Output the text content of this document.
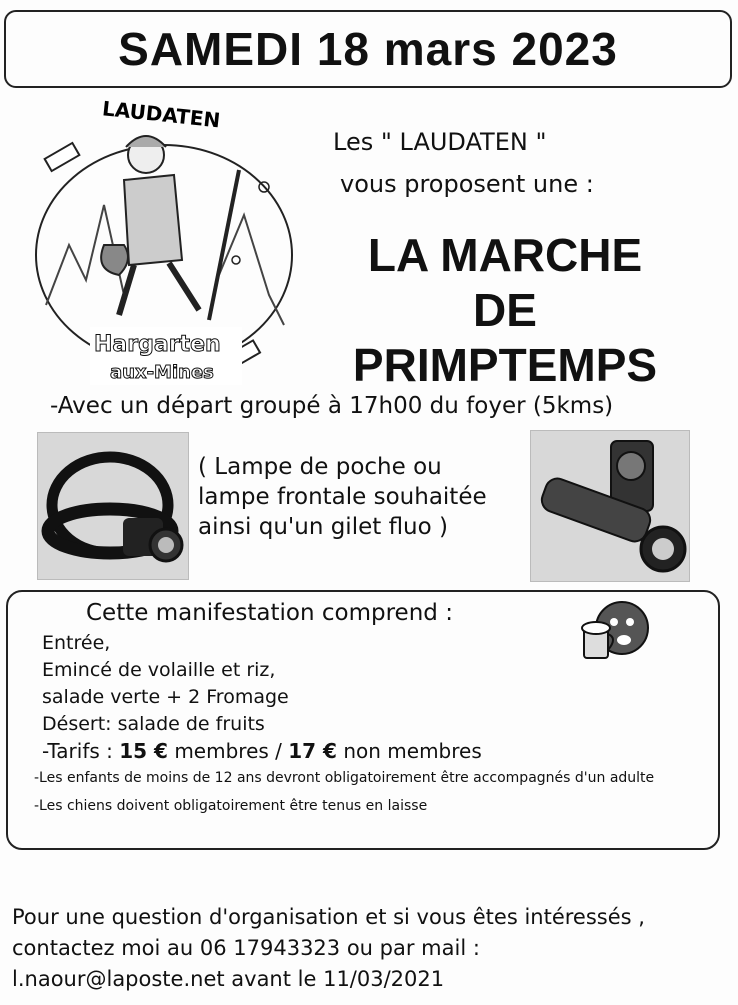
SAMEDI 18 mars 2023
LAUDATEN
Hargarten
aux-Mines
Les " LAUDATEN "
vous proposent une :
LA MARCHE
DE
PRIMPTEMPS
-Avec un départ groupé à 17h00 du foyer (5kms)
( Lampe de poche ou
lampe frontale souhaitée
ainsi qu'un gilet fluo )
Cette manifestation comprend :
Entrée,
Emincé de volaille et riz,
salade verte + 2 Fromage
Désert: salade de fruits
-Tarifs : 15 € membres / 17 € non membres
-Les enfants de moins de 12 ans devront obligatoirement être accompagnés d'un adulte
-Les chiens doivent obligatoirement être tenus en laisse
Pour une question d'organisation et si vous êtes intéressés ,
contactez moi au 06 17943323 ou par mail :
l.naour@laposte.net avant le 11/03/2021
